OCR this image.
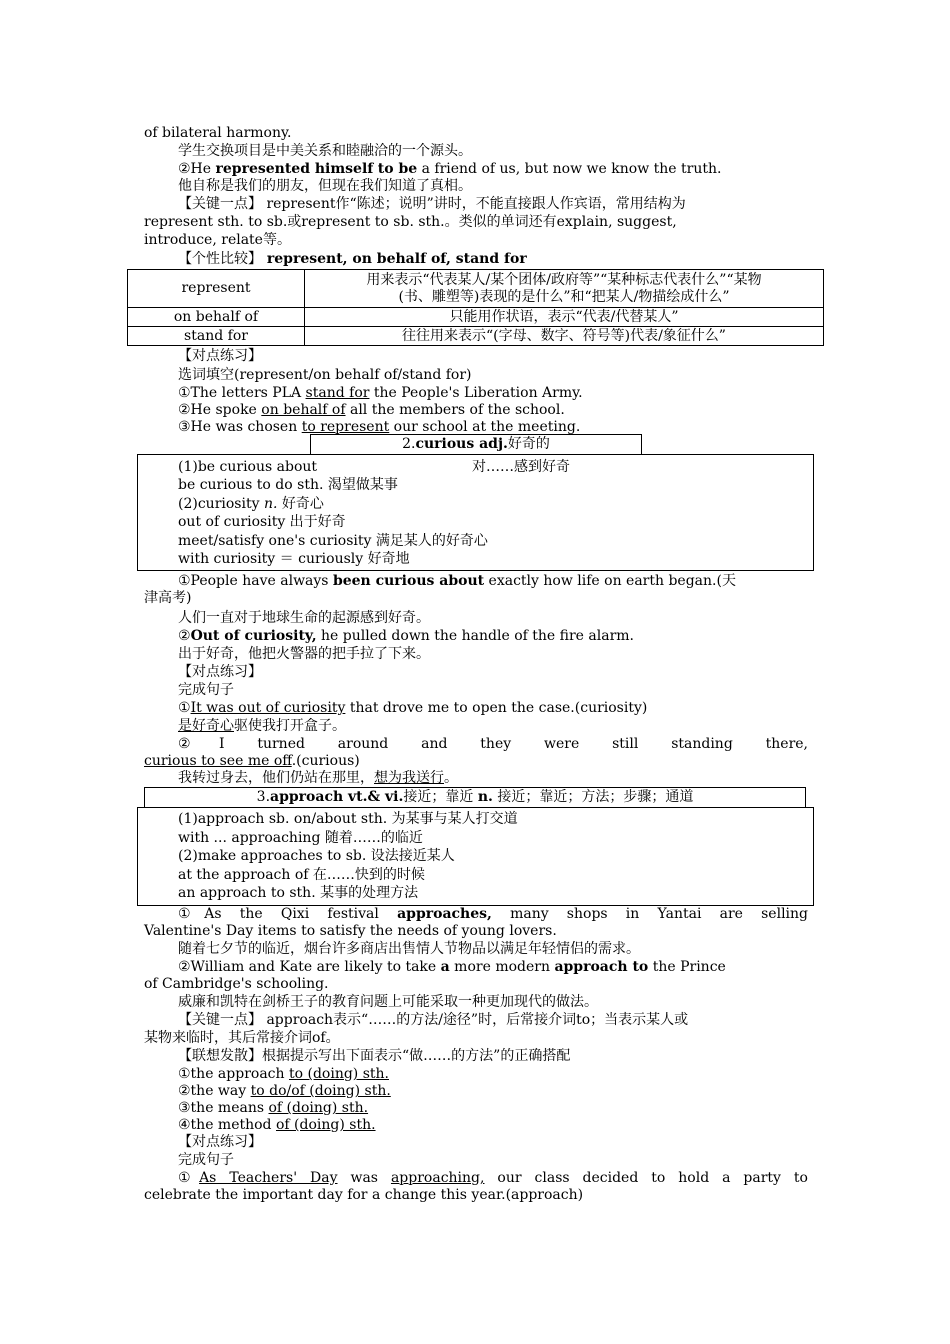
of bilateral harmony.
学生交换项目是中美关系和睦融洽的一个源头。
②He represented himself to be a friend of us, but now we know the truth.
他自称是我们的朋友，但现在我们知道了真相。
【关键一点】 represent作“陈述；说明”讲时，不能直接跟人作宾语，常用结构为
represent sth. to sb.或represent to sb. sth.。类似的单词还有explain, suggest,
introduce, relate等。
【个性比较】 represent, on behalf of, stand for
represent	用来表示“代表某人/某个团体/政府等”“某种标志代表什么”“某物
(书、雕塑等)表现的是什么”和“把某人/物描绘成什么”

on behalf of	只能用作状语，表示“代表/代替某人”
stand for	往往用来表示“(字母、数字、符号等)代表/象征什么”
【对点练习】
选词填空(represent/on behalf of/stand for)
①The letters PLA stand for the People's Liberation Army.
②He spoke on behalf of all the members of the school.
③He was chosen to represent our school at the meeting.
2.curious adj.好奇的
(1)be curious about	对……感到好奇
be curious to do sth. 渴望做某事
(2)curiosity n. 好奇心
out of curiosity 出于好奇
meet/satisfy one's curiosity 满足某人的好奇心
with curiosity ＝ curiously 好奇地
①People have always been curious about exactly how life on earth began.(天
津高考)
人们一直对于地球生命的起源感到好奇。
②Out of curiosity, he pulled down the handle of the fire alarm.
出于好奇，他把火警器的把手拉了下来。
【对点练习】
完成句子
①It was out of curiosity that drove me to open the case.(curiosity)
是好奇心驱使我打开盒子。
②I turned around and they were still standing there,
curious to see me off.(curious)
我转过身去，他们仍站在那里，想为我送行。
3.approach vt.& vi.接近；靠近 n. 接近；靠近；方法；步骤；通道
(1)approach sb. on/about sth. 为某事与某人打交道
with ... approaching 随着……的临近
(2)make approaches to sb. 设法接近某人
at the approach of 在……快到的时候
an approach to sth. 某事的处理方法
①As the Qixi festival approaches, many shops in Yantai are selling
Valentine's Day items to satisfy the needs of young lovers.
随着七夕节的临近，烟台许多商店出售情人节物品以满足年轻情侣的需求。
②William and Kate are likely to take a more modern approach to the Prince
of Cambridge's schooling.
威廉和凯特在剑桥王子的教育问题上可能采取一种更加现代的做法。
【关键一点】 approach表示“……的方法/途径”时，后常接介词to；当表示某人或
某物来临时，其后常接介词of。
【联想发散】根据提示写出下面表示“做……的方法”的正确搭配
①the approach to (doing) sth.
②the way to do/of (doing) sth.
③the means of (doing) sth.
④the method of (doing) sth.
【对点练习】
完成句子
①As Teachers' Day was approaching, our class decided to hold a party to
celebrate the important day for a change this year.(approach)
